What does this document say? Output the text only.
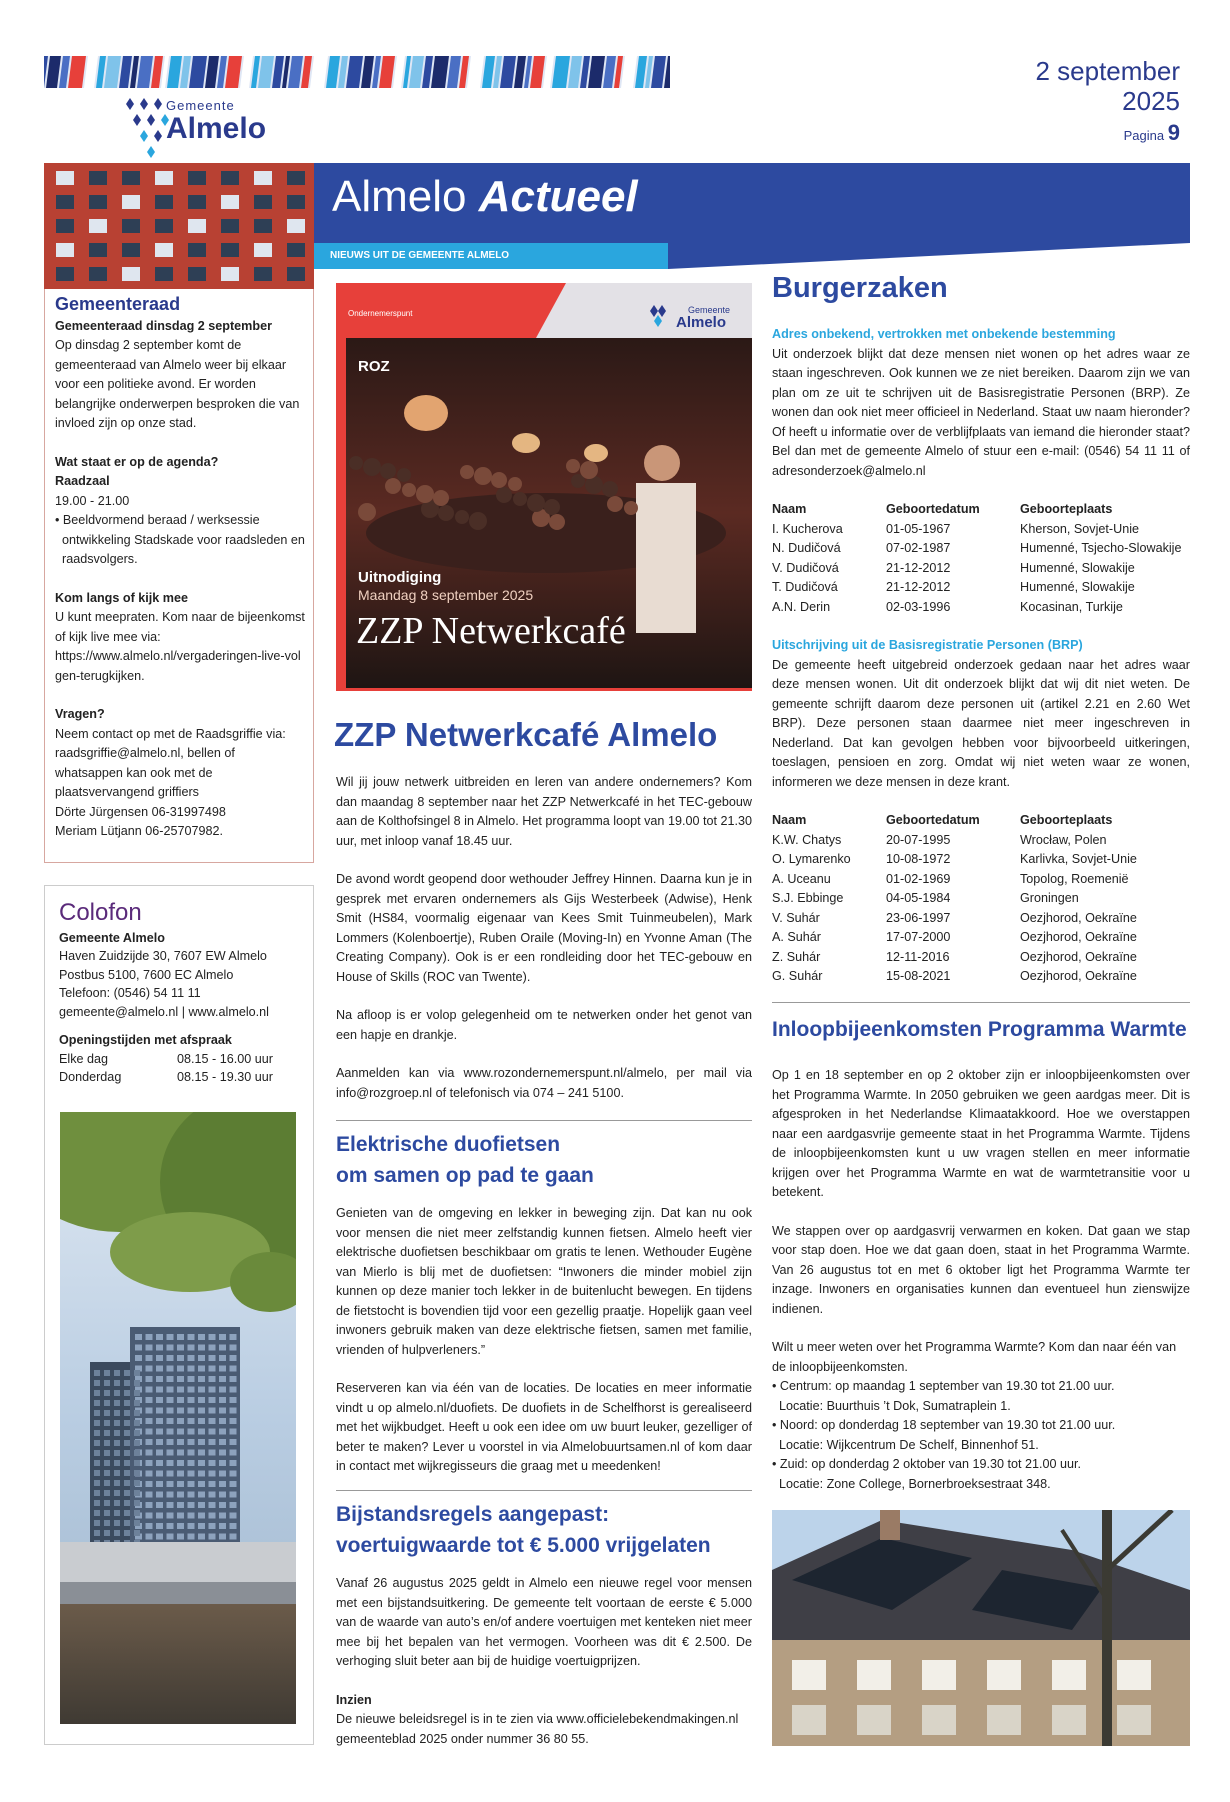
Gemeente
Almelo
2 september
2025
Pagina 9
Almelo Actueel
NIEUWS UIT DE GEMEENTE ALMELO
Gemeenteraad
Gemeenteraad dinsdag 2 september

Op dinsdag 2 september komt de gemeenteraad van Almelo weer bij elkaar voor een politieke avond. Er worden belangrijke onderwerpen besproken die van invloed zijn op onze stad.

Wat staat er op de agenda?
Raadzaal
19.00 - 21.00
• Beeldvormend beraad / werksessie ontwikkeling Stadskade voor raadsleden en raadsvolgers.
Kom langs of kijk mee

U kunt meepraten. Kom naar de bijeenkomst of kijk live mee via:

https://www.almelo.nl/vergaderingen-live-volgen-terugkijken.
Vragen?

Neem contact op met de Raadsgriffie via: raadsgriffie@almelo.nl, bellen of whatsappen kan ook met de plaatsvervangend griffiers

Dörte Jürgensen 06-31997498
Meriam Lütjann 06-25707982.
Colofon
Gemeente Almelo
Haven Zuidzijde 30, 7607 EW Almelo
Postbus 5100, 7600 EC Almelo
Telefoon: (0546) 54 11 11
gemeente@almelo.nl | www.almelo.nl
Openingstijden met afspraak
Elke dag	08.15 - 16.00 uur
Donderdag	08.15 - 19.30 uur
Ondernemerspunt	Gemeente
Almelo
ROZ
Uitnodiging
Maandag 8 september 2025
ZZP Netwerkcafé
ZZP Netwerkcafé Almelo

Wil jij jouw netwerk uitbreiden en leren van andere ondernemers? Kom dan maandag 8 september naar het ZZP Netwerkcafé in het TEC-gebouw aan de Kolthofsingel 8 in Almelo. Het programma loopt van 19.00 tot 21.30 uur, met inloop vanaf 18.45 uur.

De avond wordt geopend door wethouder Jeffrey Hinnen. Daarna kun je in gesprek met ervaren ondernemers als Gijs Westerbeek (Adwise), Henk Smit (HS84, voormalig eigenaar van Kees Smit Tuinmeubelen), Mark Lommers (Kolenboertje), Ruben Oraile (Moving-In) en Yvonne Aman (The Creating Company). Ook is er een rondleiding door het TEC-gebouw en House of Skills (ROC van Twente).

Na afloop is er volop gelegenheid om te netwerken onder het genot van een hapje en drankje.

Aanmelden kan via www.rozondernemerspunt.nl/almelo, per mail via info@rozgroep.nl of telefonisch via 074 – 241 5100.

Elektrische duofietsen
om samen op pad te gaan

Genieten van de omgeving en lekker in beweging zijn. Dat kan nu ook voor mensen die niet meer zelfstandig kunnen fietsen. Almelo heeft vier elektrische duofietsen beschikbaar om gratis te lenen. Wethouder Eugène van Mierlo is blij met de duofietsen: “Inwoners die minder mobiel zijn kunnen op deze manier toch lekker in de buitenlucht bewegen. En tijdens de fietstocht is bovendien tijd voor een gezellig praatje. Hopelijk gaan veel inwoners gebruik maken van deze elektrische fietsen, samen met familie, vrienden of hulpverleners.”

Reserveren kan via één van de locaties. De locaties en meer informatie vindt u op almelo.nl/duofiets. De duofiets in de Schelfhorst is gerealiseerd met het wijkbudget. Heeft u ook een idee om uw buurt leuker, gezelliger of beter te maken? Lever u voorstel in via Almelobuurtsamen.nl of kom daar in contact met wijkregisseurs die graag met u meedenken!

Bijstandsregels aangepast:
voertuigwaarde tot € 5.000 vrijgelaten

Vanaf 26 augustus 2025 geldt in Almelo een nieuwe regel voor mensen met een bijstandsuitkering. De gemeente telt voortaan de eerste € 5.000 van de waarde van auto’s en/of andere voertuigen met kenteken niet meer mee bij het bepalen van het vermogen. Voorheen was dit € 2.500. De verhoging sluit beter aan bij de huidige voertuigprijzen.

Inzien

De nieuwe beleidsregel is in te zien via www.officielebekendmakingen.nl gemeenteblad 2025 onder nummer 36 80 55.

Burgerzaken
Adres onbekend, vertrokken met onbekende bestemming

Uit onderzoek blijkt dat deze mensen niet wonen op het adres waar ze staan ingeschreven. Ook kunnen we ze niet bereiken. Daarom zijn we van plan om ze uit te schrijven uit de Basisregistratie Personen (BRP). Ze wonen dan ook niet meer officieel in Nederland. Staat uw naam hieronder? Of heeft u informatie over de verblijfplaats van iemand die hieronder staat? Bel dan met de gemeente Almelo of stuur een e-mail: (0546) 54 11 11 of adresonderzoek@almelo.nl

Naam	Geboortedatum	Geboorteplaats
I. Kucherova	01-05-1967	Kherson, Sovjet-Unie
N. Dudičová	07-02-1987	Humenné, Tsjecho-Slowakije
V. Dudičová	21-12-2012	Humenné, Slowakije
T. Dudičová	21-12-2012	Humenné, Slowakije
A.N. Derin	02-03-1996	Kocasinan, Turkije
Uitschrijving uit de Basisregistratie Personen (BRP)

De gemeente heeft uitgebreid onderzoek gedaan naar het adres waar deze mensen wonen. Uit dit onderzoek blijkt dat wij dit niet weten. De gemeente schrijft daarom deze personen uit (artikel 2.21 en 2.60 Wet BRP). Deze personen staan daarmee niet meer ingeschreven in Nederland. Dat kan gevolgen hebben voor bijvoorbeeld uitkeringen, toeslagen, pensioen en zorg. Omdat wij niet weten waar ze wonen, informeren we deze mensen in deze krant.

Naam	Geboortedatum	Geboorteplaats
K.W. Chatys	20-07-1995	Wrocław, Polen
O. Lymarenko	10-08-1972	Karlivka, Sovjet-Unie
A. Uceanu	01-02-1969	Topolog, Roemenië
S.J. Ebbinge	04-05-1984	Groningen
V. Suhár	23-06-1997	Oezjhorod, Oekraïne
A. Suhár	17-07-2000	Oezjhorod, Oekraïne
Z. Suhár	12-11-2016	Oezjhorod, Oekraïne
G. Suhár	15-08-2021	Oezjhorod, Oekraïne
Inloopbijeenkomsten Programma Warmte

Op 1 en 18 september en op 2 oktober zijn er inloopbijeenkomsten over het Programma Warmte. In 2050 gebruiken we geen aardgas meer. Dit is afgesproken in het Nederlandse Klimaatakkoord. Hoe we overstappen naar een aardgasvrije gemeente staat in het Programma Warmte. Tijdens de inloopbijeenkomsten kunt u uw vragen stellen en meer informatie krijgen over het Programma Warmte en wat de warmtetransitie voor u betekent.

We stappen over op aardgasvrij verwarmen en koken. Dat gaan we stap voor stap doen. Hoe we dat gaan doen, staat in het Programma Warmte. Van 26 augustus tot en met 6 oktober ligt het Programma Warmte ter inzage. Inwoners en organisaties kunnen dan eventueel hun zienswijze indienen.

Wilt u meer weten over het Programma Warmte? Kom dan naar één van de inloopbijeenkomsten.

• Centrum: op maandag 1 september van 19.30 tot 21.00 uur.
Locatie: Buurthuis ’t Dok, Sumatraplein 1.
• Noord: op donderdag 18 september van 19.30 tot 21.00 uur.
Locatie: Wijkcentrum De Schelf, Binnenhof 51.
• Zuid: op donderdag 2 oktober van 19.30 tot 21.00 uur.
Locatie: Zone College, Bornerbroeksestraat 348.
